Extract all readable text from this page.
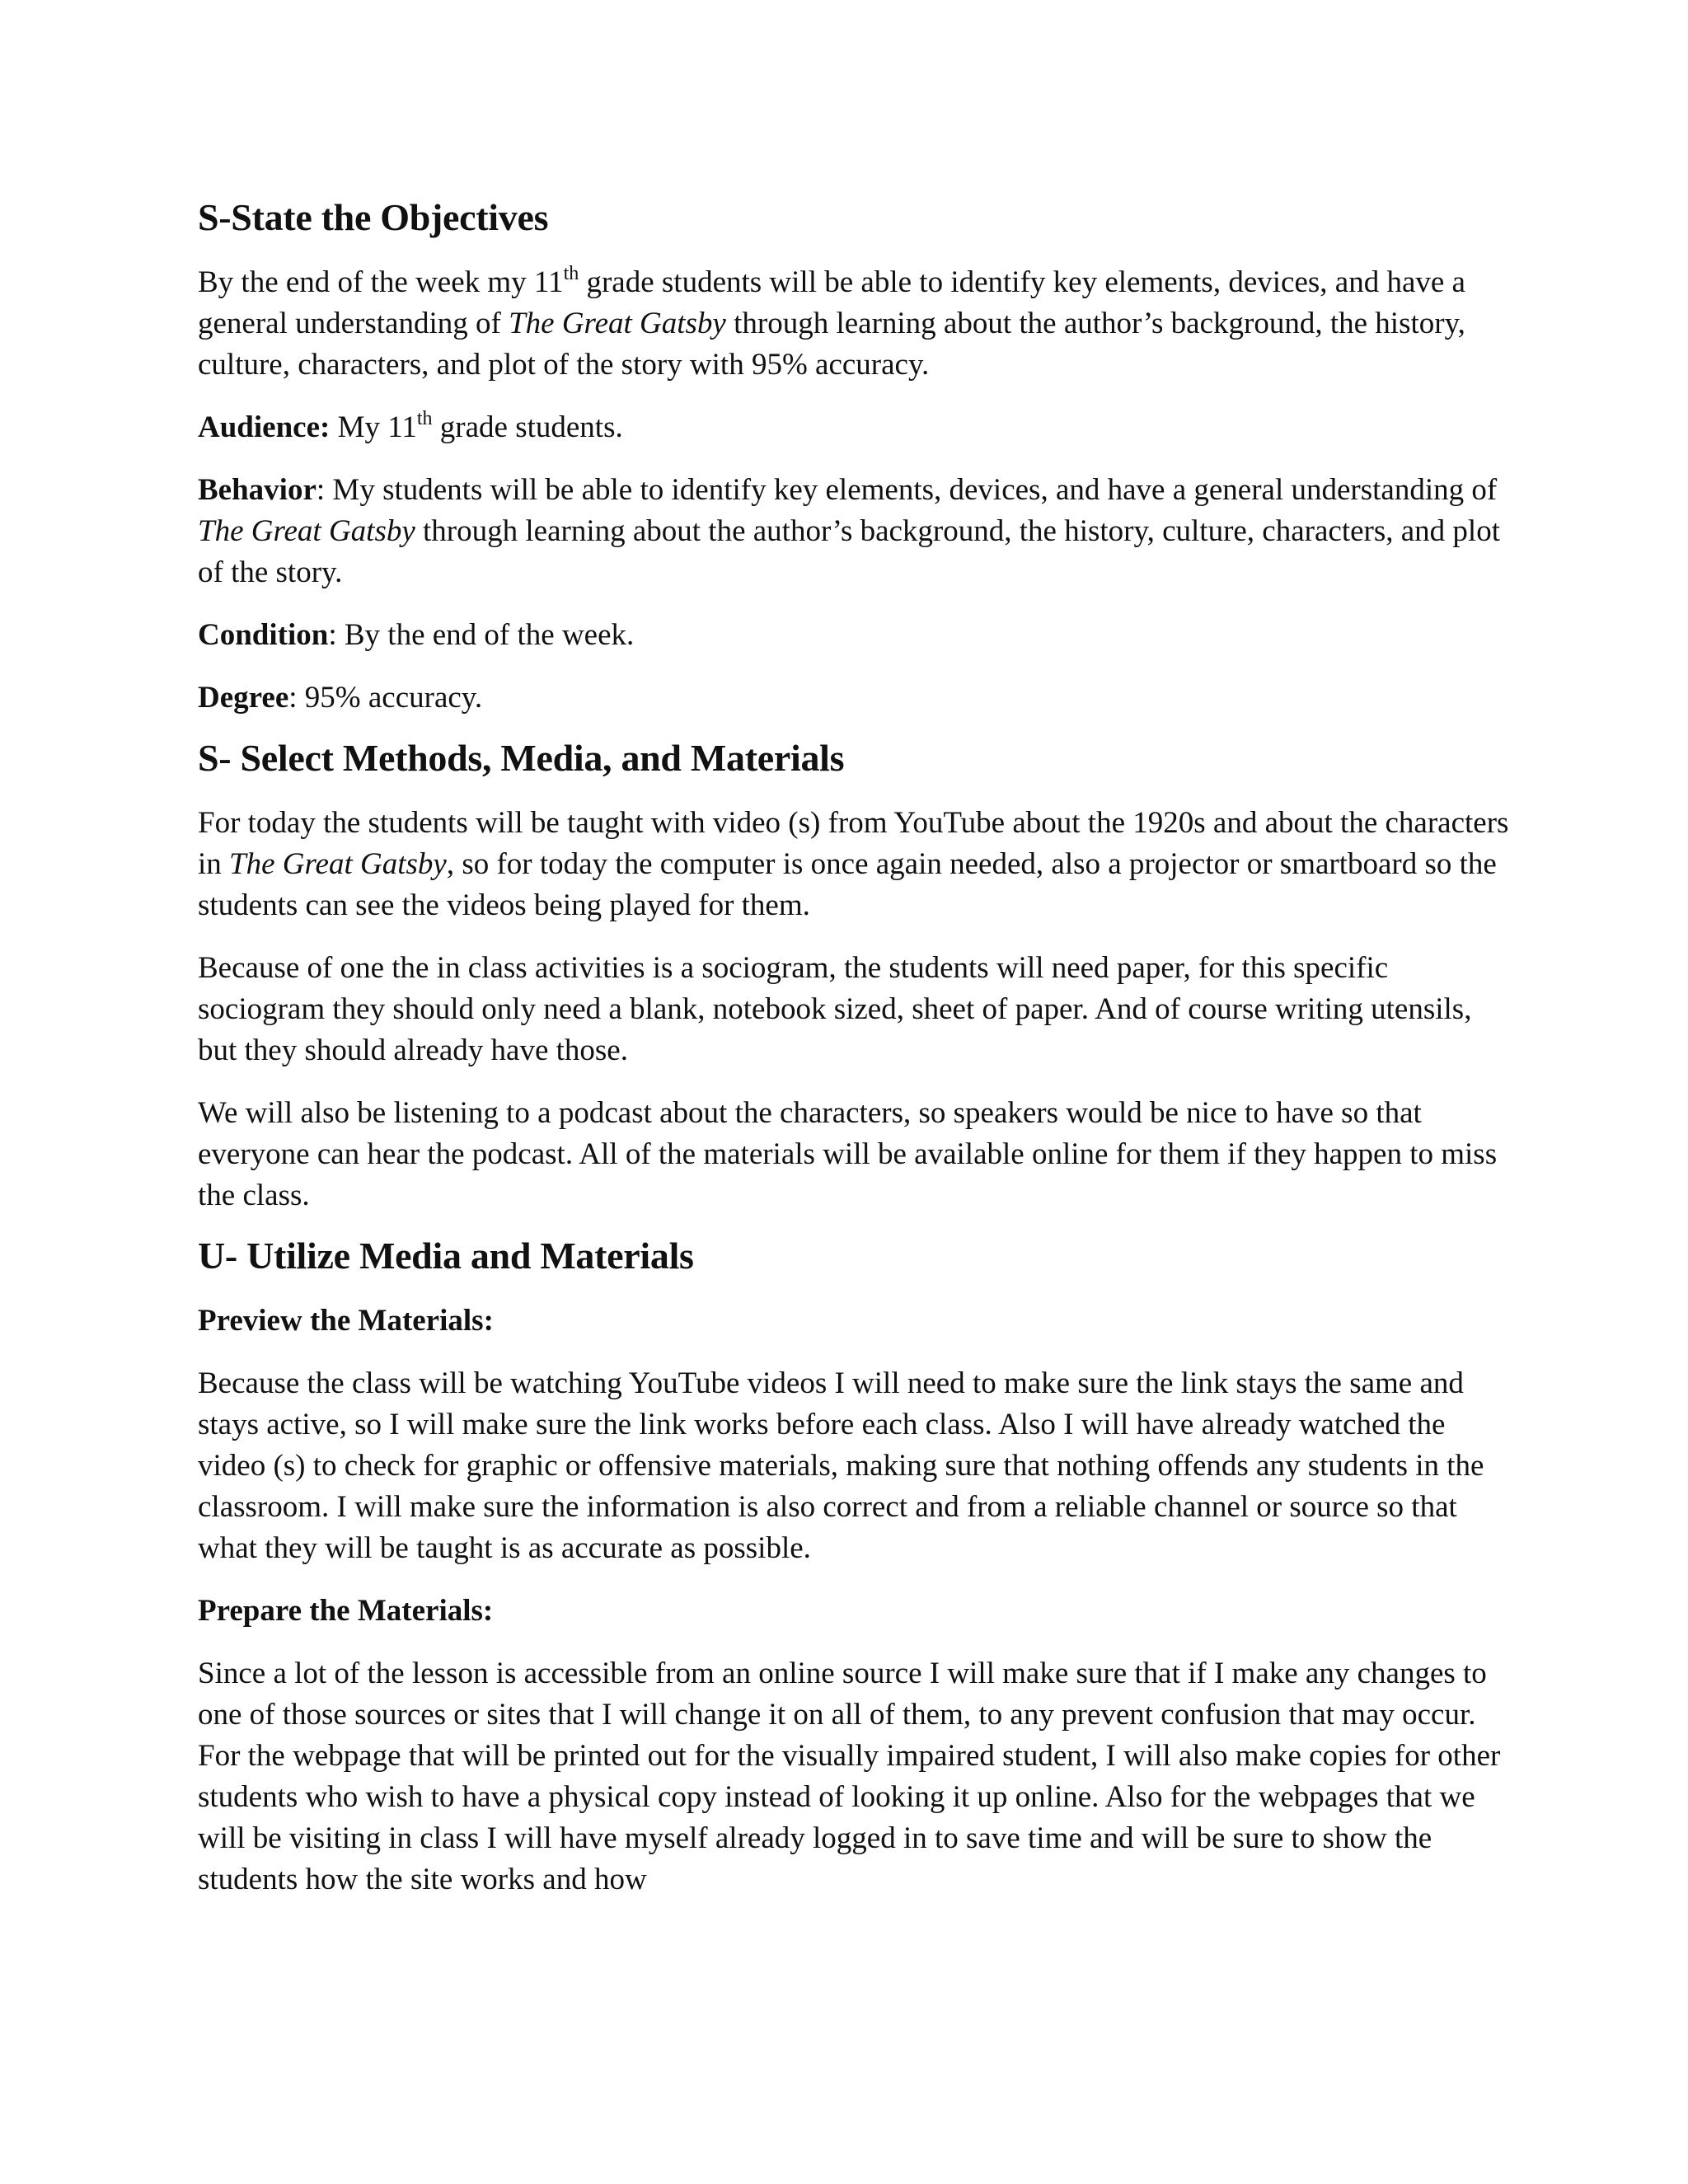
S-State the Objectives

By the end of the week my 11th grade students will be able to identify key elements, devices, and have a general understanding of The Great Gatsby through learning about the author’s background, the history, culture, characters, and plot of the story with 95% accuracy.

Audience: My 11th grade students.

Behavior: My students will be able to identify key elements, devices, and have a general understanding of The Great Gatsby through learning about the author’s background, the history, culture, characters, and plot of the story.

Condition: By the end of the week.

Degree: 95% accuracy.

S- Select Methods, Media, and Materials

For today the students will be taught with video (s) from YouTube about the 1920s and about the characters in The Great Gatsby, so for today the computer is once again needed, also a projector or smartboard so the students can see the videos being played for them.

Because of one the in class activities is a sociogram, the students will need paper, for this specific sociogram they should only need a blank, notebook sized, sheet of paper. And of course writing utensils, but they should already have those.

We will also be listening to a podcast about the characters, so speakers would be nice to have so that everyone can hear the podcast. All of the materials will be available online for them if they happen to miss the class.

U- Utilize Media and Materials
Preview the Materials:

Because the class will be watching YouTube videos I will need to make sure the link stays the same and stays active, so I will make sure the link works before each class. Also I will have already watched the video (s) to check for graphic or offensive materials, making sure that nothing offends any students in the classroom. I will make sure the information is also correct and from a reliable channel or source so that what they will be taught is as accurate as possible.

Prepare the Materials:

Since a lot of the lesson is accessible from an online source I will make sure that if I make any changes to one of those sources or sites that I will change it on all of them, to any prevent confusion that may occur. For the webpage that will be printed out for the visually impaired student, I will also make copies for other students who wish to have a physical copy instead of looking it up online. Also for the webpages that we will be visiting in class I will have myself already logged in to save time and will be sure to show the students how the site works and how
